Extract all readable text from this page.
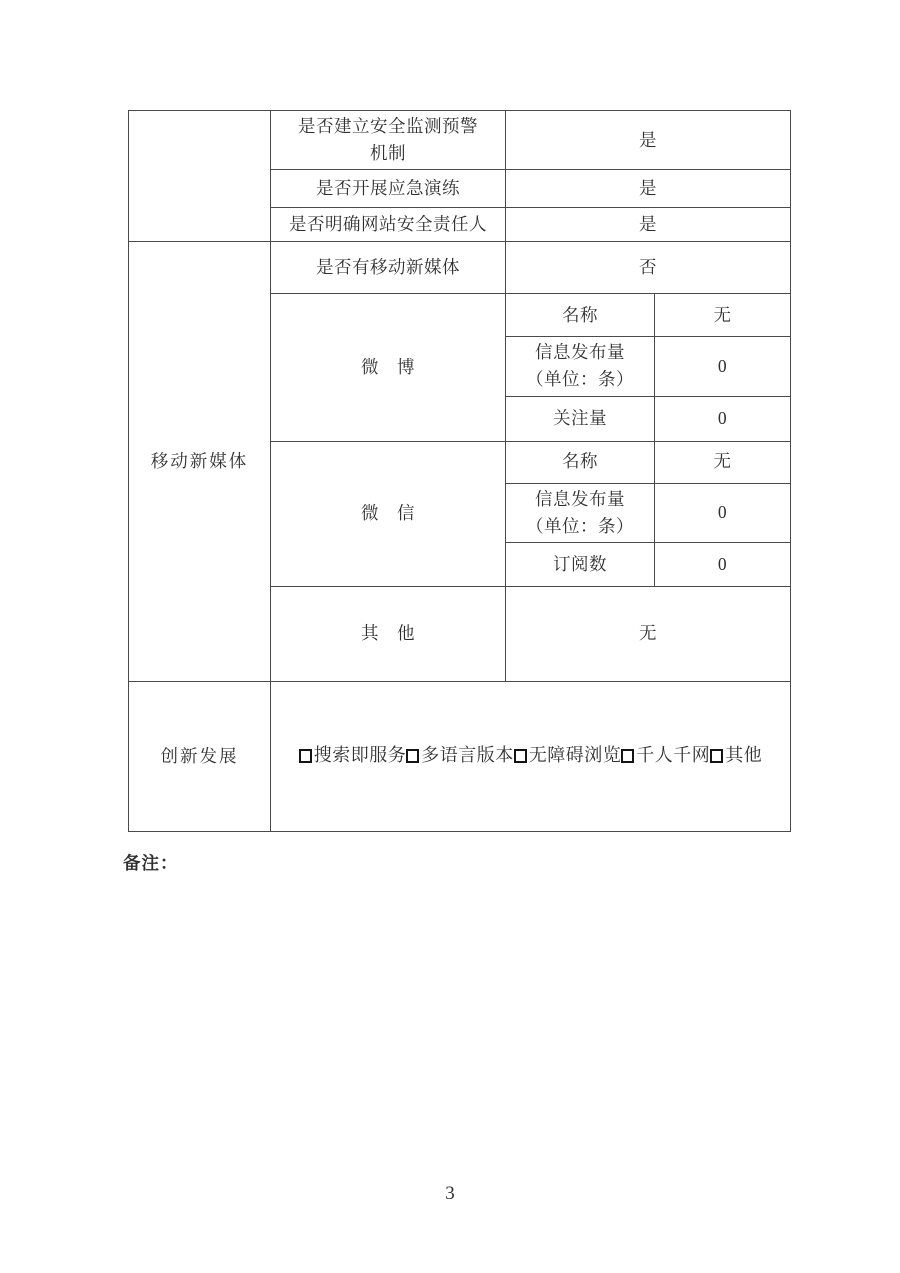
	是否建立安全监测预警
机制	是	
	是否开展应急演练	是	
	是否明确网站安全责任人	是	
移动新媒体	是否有移动新媒体	否	
	微　博	名称	无
		信息发布量
（单位：条）	0
		关注量	0
	微　信	名称	无
		信息发布量
（单位：条）	0
		订阅数	0
	其　他	无	
创新发展	搜索即服务 多语言版本 无障碍浏览 千人千网 其他		

备注：
3
